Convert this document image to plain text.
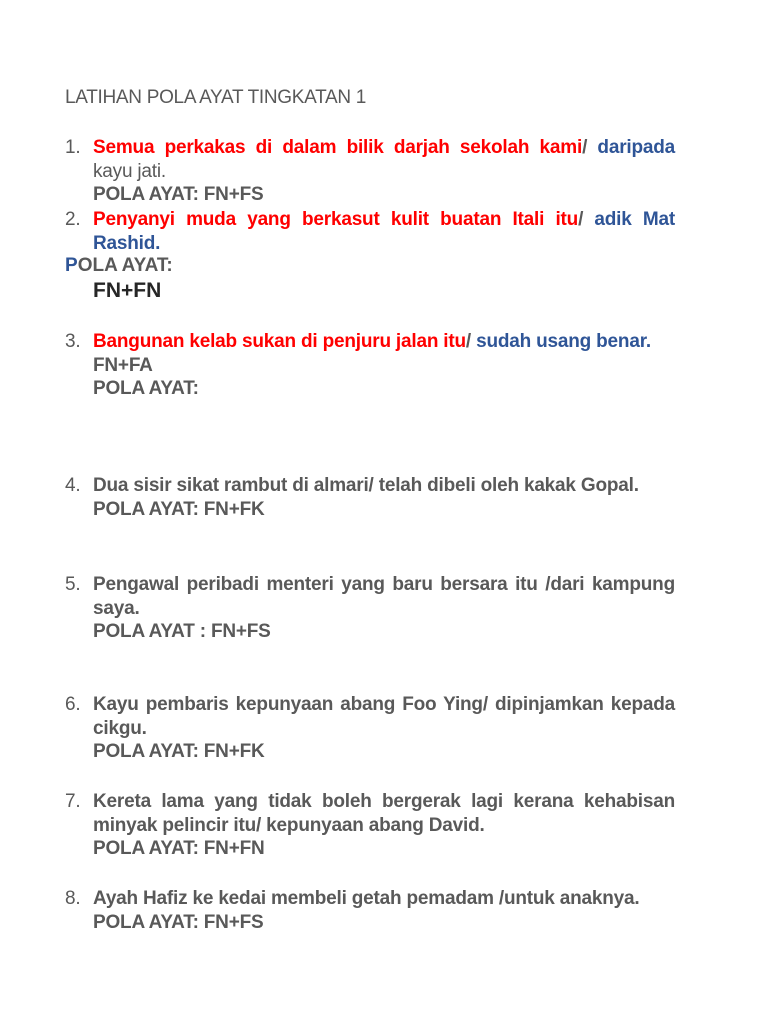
LATIHAN POLA AYAT TINGKATAN 1
1. Semua perkakas di dalam bilik darjah sekolah kami/ daripada kayu jati.
POLA AYAT: FN+FS
2. Penyanyi muda yang berkasut kulit buatan Itali itu/ adik Mat Rashid.
POLA AYAT:
FN+FN
3. Bangunan kelab sukan di penjuru jalan itu/ sudah usang benar.
FN+FA
POLA AYAT:
4. Dua sisir sikat rambut di almari/ telah dibeli oleh kakak Gopal.
POLA AYAT: FN+FK
5. Pengawal peribadi menteri yang baru bersara itu /dari kampung saya.
POLA AYAT : FN+FS
6. Kayu pembaris kepunyaan abang Foo Ying/ dipinjamkan kepada cikgu.
POLA AYAT: FN+FK
7. Kereta lama yang tidak boleh bergerak lagi kerana kehabisan minyak pelincir itu/ kepunyaan abang David.
POLA AYAT: FN+FN
8. Ayah Hafiz ke kedai membeli getah pemadam /untuk anaknya.
POLA AYAT: FN+FS
